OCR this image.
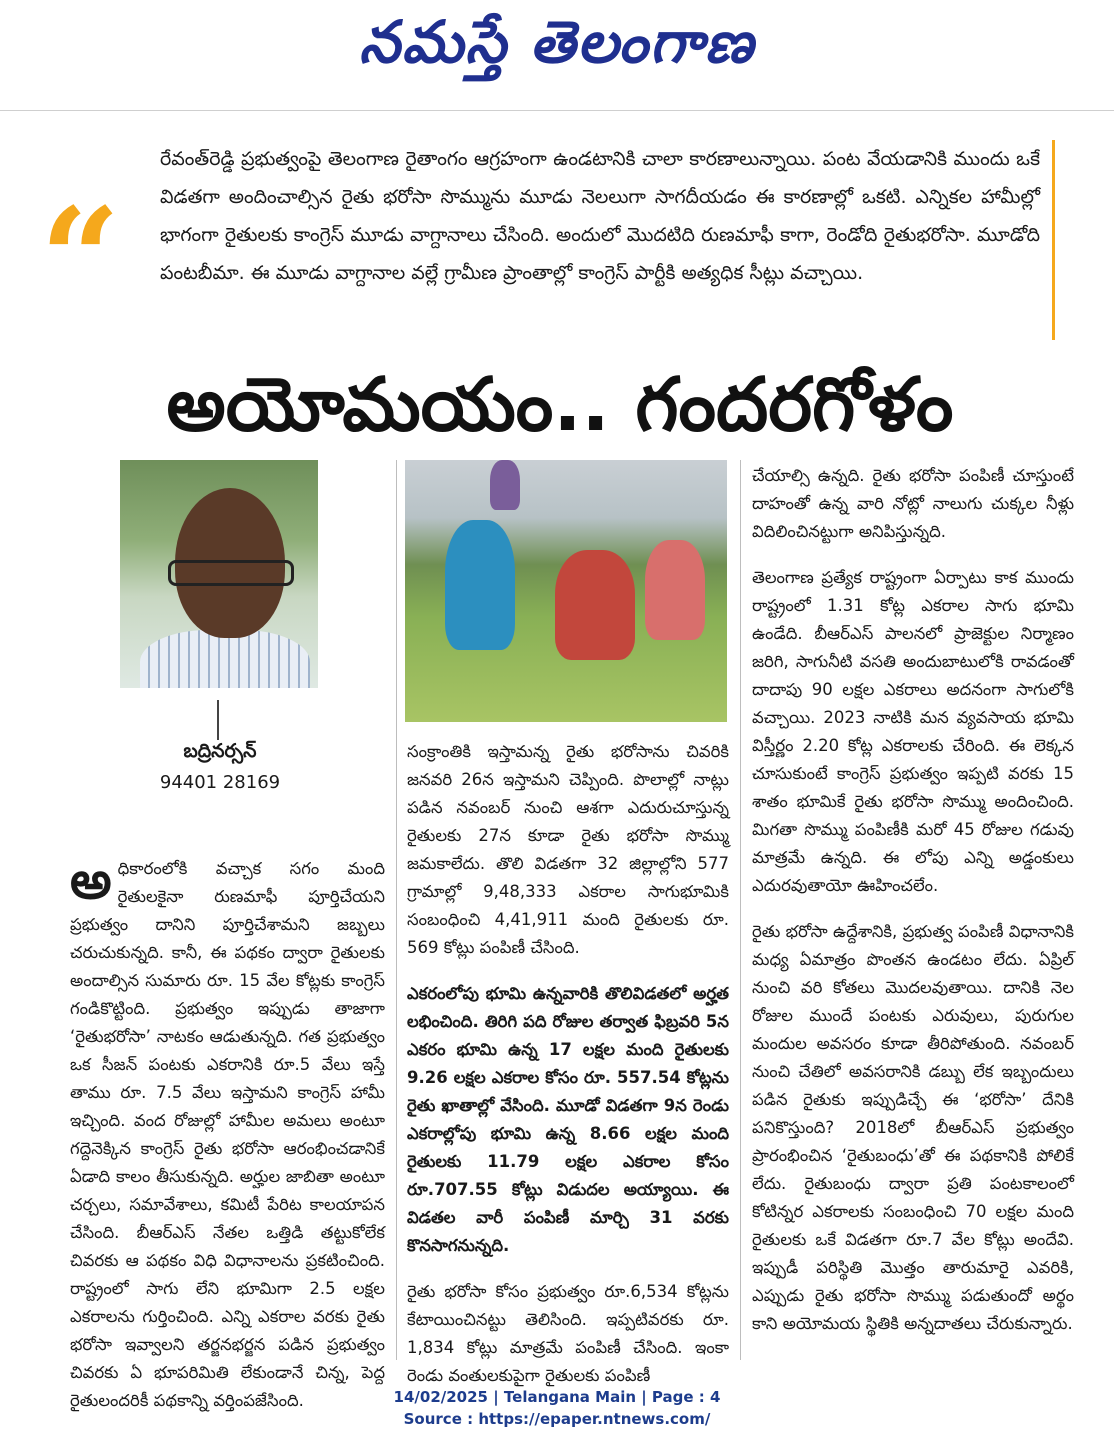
నమస్తే తెలంగాణ
“
రేవంత్‌రెడ్డి ప్రభుత్వంపై తెలంగాణ రైతాంగం ఆగ్రహంగా ఉండటానికి చాలా కారణాలున్నాయి. పంట వేయడానికి ముందు ఒకే విడతగా అందించాల్సిన రైతు భరోసా సొమ్మును మూడు నెలలుగా సాగదీయడం ఈ కారణాల్లో ఒకటి. ఎన్నికల హామీల్లో భాగంగా రైతులకు కాంగ్రెస్ మూడు వాగ్దానాలు చేసింది. అందులో మొదటిది రుణమాఫీ కాగా, రెండోది రైతుభరోసా. మూడోది పంటబీమా. ఈ మూడు వాగ్దానాల వల్లే గ్రామీణ ప్రాంతాల్లో కాంగ్రెస్ పార్టీకి అత్యధిక సీట్లు వచ్చాయి.
అయోమయం.. గందరగోళం
బద్రినర్సన్
94401 28169

అధికారంలోకి వచ్చాక సగం మంది రైతులకైనా రుణమాఫీ పూర్తిచేయని ప్రభుత్వం దానిని పూర్తిచేశామని జబ్బలు చరుచుకున్నది. కానీ, ఈ పథకం ద్వారా రైతులకు అందాల్సిన సుమారు రూ. 15 వేల కోట్లకు కాంగ్రెస్ గండికొట్టింది. ప్రభుత్వం ఇప్పుడు తాజాగా ‘రైతుభరోసా’ నాటకం ఆడుతున్నది. గత ప్రభుత్వం ఒక సీజన్ పంటకు ఎకరానికి రూ.5 వేలు ఇస్తే తాము రూ. 7.5 వేలు ఇస్తామని కాంగ్రెస్ హామీ ఇచ్చింది. వంద రోజుల్లో హామీల అమలు అంటూ గద్దెనెక్కిన కాంగ్రెస్ రైతు భరోసా ఆరంభించడానికే ఏడాది కాలం తీసుకున్నది. అర్హుల జాబితా అంటూ చర్చలు, సమావేశాలు, కమిటీ పేరిట కాలయాపన చేసింది. బీఆర్‌ఎస్ నేతల ఒత్తిడి తట్టుకోలేక చివరకు ఆ పథకం విధి విధానాలను ప్రకటించింది. రాష్ట్రంలో సాగు లేని భూమిగా 2.5 లక్షల ఎకరాలను గుర్తించింది. ఎన్ని ఎకరాల వరకు రైతు భరోసా ఇవ్వాలని తర్జనభర్జన పడిన ప్రభుత్వం చివరకు ఏ భూపరిమితి లేకుండానే చిన్న, పెద్ద రైతులందరికీ పథకాన్ని వర్తింపజేసింది.

సంక్రాంతికి ఇస్తామన్న రైతు భరోసాను చివరికి జనవరి 26న ఇస్తామని చెప్పింది. పొలాల్లో నాట్లు పడిన నవంబర్ నుంచి ఆశగా ఎదురుచూస్తున్న రైతులకు 27న కూడా రైతు భరోసా సొమ్ము జమకాలేదు. తొలి విడతగా 32 జిల్లాల్లోని 577 గ్రామాల్లో 9,48,333 ఎకరాల సాగుభూమికి సంబంధించి 4,41,911 మంది రైతులకు రూ. 569 కోట్లు పంపిణీ చేసింది.

ఎకరంలోపు భూమి ఉన్నవారికి తొలివిడతలో అర్హత లభించింది. తిరిగి పది రోజుల తర్వాత ఫిబ్రవరి 5న ఎకరం భూమి ఉన్న 17 లక్షల మంది రైతులకు 9.26 లక్షల ఎకరాల కోసం రూ. 557.54 కోట్లను రైతు ఖాతాల్లో వేసింది. మూడో విడతగా 9న రెండు ఎకరాల్లోపు భూమి ఉన్న 8.66 లక్షల మంది రైతులకు 11.79 లక్షల ఎకరాల కోసం రూ.707.55 కోట్లు విడుదల అయ్యాయి. ఈ విడతల వారీ పంపిణీ మార్చి 31 వరకు కొనసాగనున్నది.

రైతు భరోసా కోసం ప్రభుత్వం రూ.6,534 కోట్లను కేటాయించినట్టు తెలిసింది. ఇప్పటివరకు రూ. 1,834 కోట్లు మాత్రమే పంపిణీ చేసింది. ఇంకా రెండు వంతులకుపైగా రైతులకు పంపిణీ

చేయాల్సి ఉన్నది. రైతు భరోసా పంపిణీ చూస్తుంటే దాహంతో ఉన్న వారి నోట్లో నాలుగు చుక్కల నీళ్లు విదిలించినట్టుగా అనిపిస్తున్నది.

తెలంగాణ ప్రత్యేక రాష్ట్రంగా ఏర్పాటు కాక ముందు రాష్ట్రంలో 1.31 కోట్ల ఎకరాల సాగు భూమి ఉండేది. బీఆర్‌ఎస్ పాలనలో ప్రాజెక్టుల నిర్మాణం జరిగి, సాగునీటి వసతి అందుబాటులోకి రావడంతో దాదాపు 90 లక్షల ఎకరాలు అదనంగా సాగులోకి వచ్చాయి. 2023 నాటికి మన వ్యవసాయ భూమి విస్తీర్ణం 2.20 కోట్ల ఎకరాలకు చేరింది. ఈ లెక్కన చూసుకుంటే కాంగ్రెస్ ప్రభుత్వం ఇప్పటి వరకు 15 శాతం భూమికే రైతు భరోసా సొమ్ము అందించింది. మిగతా సొమ్ము పంపిణీకి మరో 45 రోజుల గడువు మాత్రమే ఉన్నది. ఈ లోపు ఎన్ని అడ్డంకులు ఎదురవుతాయో ఊహించలేం.

రైతు భరోసా ఉద్దేశానికి, ప్రభుత్వ పంపిణీ విధానానికి మధ్య ఏమాత్రం పొంతన ఉండటం లేదు. ఏప్రిల్ నుంచి వరి కోతలు మొదలవుతాయి. దానికి నెల రోజుల ముందే పంటకు ఎరువులు, పురుగుల మందుల అవసరం కూడా తీరిపోతుంది. నవంబర్ నుంచి చేతిలో అవసరానికి డబ్బు లేక ఇబ్బందులు పడిన రైతుకు ఇప్పుడిచ్చే ఈ ‘భరోసా’ దేనికి పనికొస్తుంది? 2018లో బీఆర్‌ఎస్ ప్రభుత్వం ప్రారంభించిన ‘రైతుబంధు’తో ఈ పథకానికి పోలికే లేదు. రైతుబంధు ద్వారా ప్రతి పంటకాలంలో కోటిన్నర ఎకరాలకు సంబంధించి 70 లక్షల మంది రైతులకు ఒకే విడతగా రూ.7 వేల కోట్లు అందేవి. ఇప్పుడీ పరిస్థితి మొత్తం తారుమారై ఎవరికి, ఎప్పుడు రైతు భరోసా సొమ్ము పడుతుందో అర్థం కాని అయోమయ స్థితికి అన్నదాతలు చేరుకున్నారు.

14/02/2025 | Telangana Main | Page : 4
Source : https://epaper.ntnews.com/
